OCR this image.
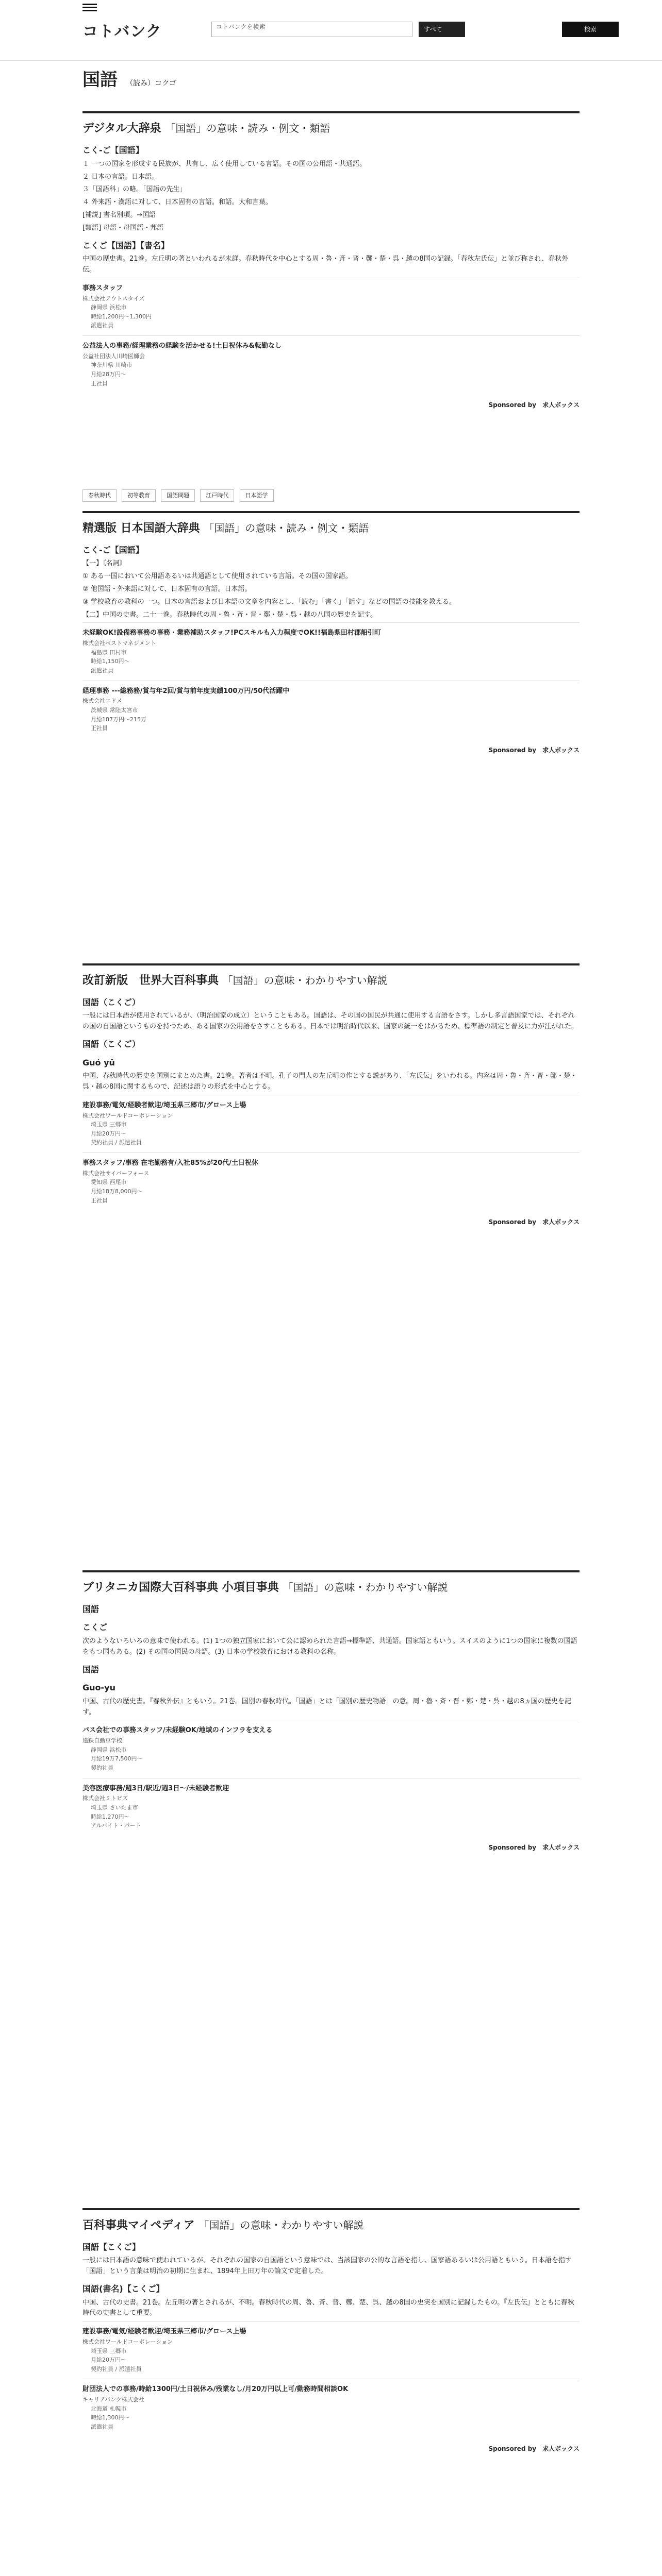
コトバンク	コトバンクを検索	すべて	検索
国語 （読み）コクゴ
デジタル大辞泉 「国語」の意味・読み・例文・類語
こく‐ご【国語】
１ 一つの国家を形成する民族が、共有し、広く使用している言語。その国の公用語・共通語。
２ 日本の言語。日本語。
３「国語科」の略。「国語の先生」
４ 外来語・漢語に対して、日本固有の言語。和語。大和言葉。
[補説] 書名別項。→国語
[類語] 母語・母国語・邦語
こくご【国語】【書名】
中国の歴史書。21巻。左丘明の著といわれるが未詳。春秋時代を中心とする周・魯・斉・晋・鄭・楚・呉・越の8国の記録。「春秋左氏伝」と並び称され、春秋外伝。
事務スタッフ
株式会社アウトスタイズ
静岡県 浜松市
時給1,200円〜1,300円
派遣社員
公益法人の事務/経理業務の経験を活かせる!土日祝休み&転勤なし
公益社団法人川崎医師会
神奈川県 川崎市
月給28万円〜
正社員
Sponsored by　求人ボックス
春秋時代	初等教育	国語問題	江戸時代	日本語学
精選版 日本国語大辞典 「国語」の意味・読み・例文・類語
こく‐ご【国語】
【一】〘名詞〙
① ある一国において公用語あるいは共通語として使用されている言語。その国の国家語。
② 他国語・外来語に対して、日本固有の言語。日本語。
③ 学校教育の教科の一つ。日本の言語および日本語の文章を内容とし、「読む」「書く」「話す」などの国語の技能を教える。
【二】中国の史書。二十一巻。春秋時代の周・魯・斉・晋・鄭・楚・呉・越の八国の歴史を記す。
未経験OK!設備務事務の事務・業務補助スタッフ!PCスキルも入力程度でOK!!福島県田村郡船引町
株式会社ベストマネジメント
福島県 田村市
時給1,150円〜
派遣社員
経理事務 ---総務務/賞与年2回/賞与前年度実績100万円/50代活躍中
株式会社エドメ
茨城県 常陸太宮市
月給187万円〜215万
正社員
Sponsored by　求人ボックス
改訂新版　世界大百科事典 「国語」の意味・わかりやすい解説
国語（こくご）
一般には日本語が使用されているが、（明治国家の成立）ということもある。国語は、その国の国民が共通に使用する言語をさす。しかし多言語国家では、それぞれの国の自国語というものを持つため、ある国家の公用語をさすこともある。日本では明治時代以来、国家の統一をはかるため、標準語の制定と普及に力が注がれた。
国語（こくご）
Guó yǔ
中国、春秋時代の歴史を国別にまとめた書。21巻。著者は不明。孔子の門人の左丘明の作とする説があり、「左氏伝」をいわれる。内容は周・魯・斉・晋・鄭・楚・呉・越の8国に関するもので、記述は語りの形式を中心とする。
建設事務/電気/経験者歓迎/埼玉県三郷市/グロース上場
株式会社ワールドコーポレーション
埼玉県 三郷市
月給20万円〜
契約社員 / 派遣社員
事務スタッフ/事務 在宅勤務有/入社85%が20代/土日祝休
株式会社サイバーフォース
愛知県 西尾市
月給18万8,000円〜
正社員
Sponsored by　求人ボックス
ブリタニカ国際大百科事典 小項目事典 「国語」の意味・わかりやすい解説
国語
こくご
次のようないろいろの意味で使われる。(1) 1つの独立国家において公に認められた言語→標準語、共通語。国家語ともいう。スイスのように1つの国家に複数の国語をもつ国もある。(2) その国の国民の母語。(3) 日本の学校教育における教科の名称。
国語
Guo-yu
中国、古代の歴史書。『春秋外伝』ともいう。21巻。国別の春秋時代。「国語」とは「国別の歴史物語」の意。周・魯・斉・晋・鄭・楚・呉・越の8ヵ国の歴史を記す。
バス会社での事務スタッフ/未経験OK/地域のインフラを支える
遠鉄自動車学校
静岡県 浜松市
月給19万7,500円〜
契約社員
美容医療事務/週3日/駅近/週3日〜/未経験者歓迎
株式会社ミトビズ
埼玉県 さいたま市
時給1,270円〜
アルバイト・パート
Sponsored by　求人ボックス
百科事典マイペディア 「国語」の意味・わかりやすい解説
国語【こくご】
一般には日本語の意味で使われているが、それぞれの国家の自国語という意味では、当該国家の公的な言語を指し、国家語あるいは公用語ともいう。日本語を指す「国語」という言葉は明治の初期に生まれ、1894年上田万年の論文で定着した。
国語(書名)【こくご】
中国、古代の史書。21巻。左丘明の著とされるが、不明。春秋時代の周、魯、斉、晋、鄭、楚、呉、越の8国の史実を国別に記録したもの。『左氏伝』とともに春秋時代の史書として重要。
建設事務/電気/経験者歓迎/埼玉県三郷市/グロース上場
株式会社ワールドコーポレーション
埼玉県 三郷市
月給20万円〜
契約社員 / 派遣社員
財団法人での事務/時給1300円/土日祝休み/残業なし/月20万円以上可/動務時間相談OK
キャリアバンク株式会社
北海道 札幌市
時給1,300円〜
派遣社員
Sponsored by　求人ボックス
